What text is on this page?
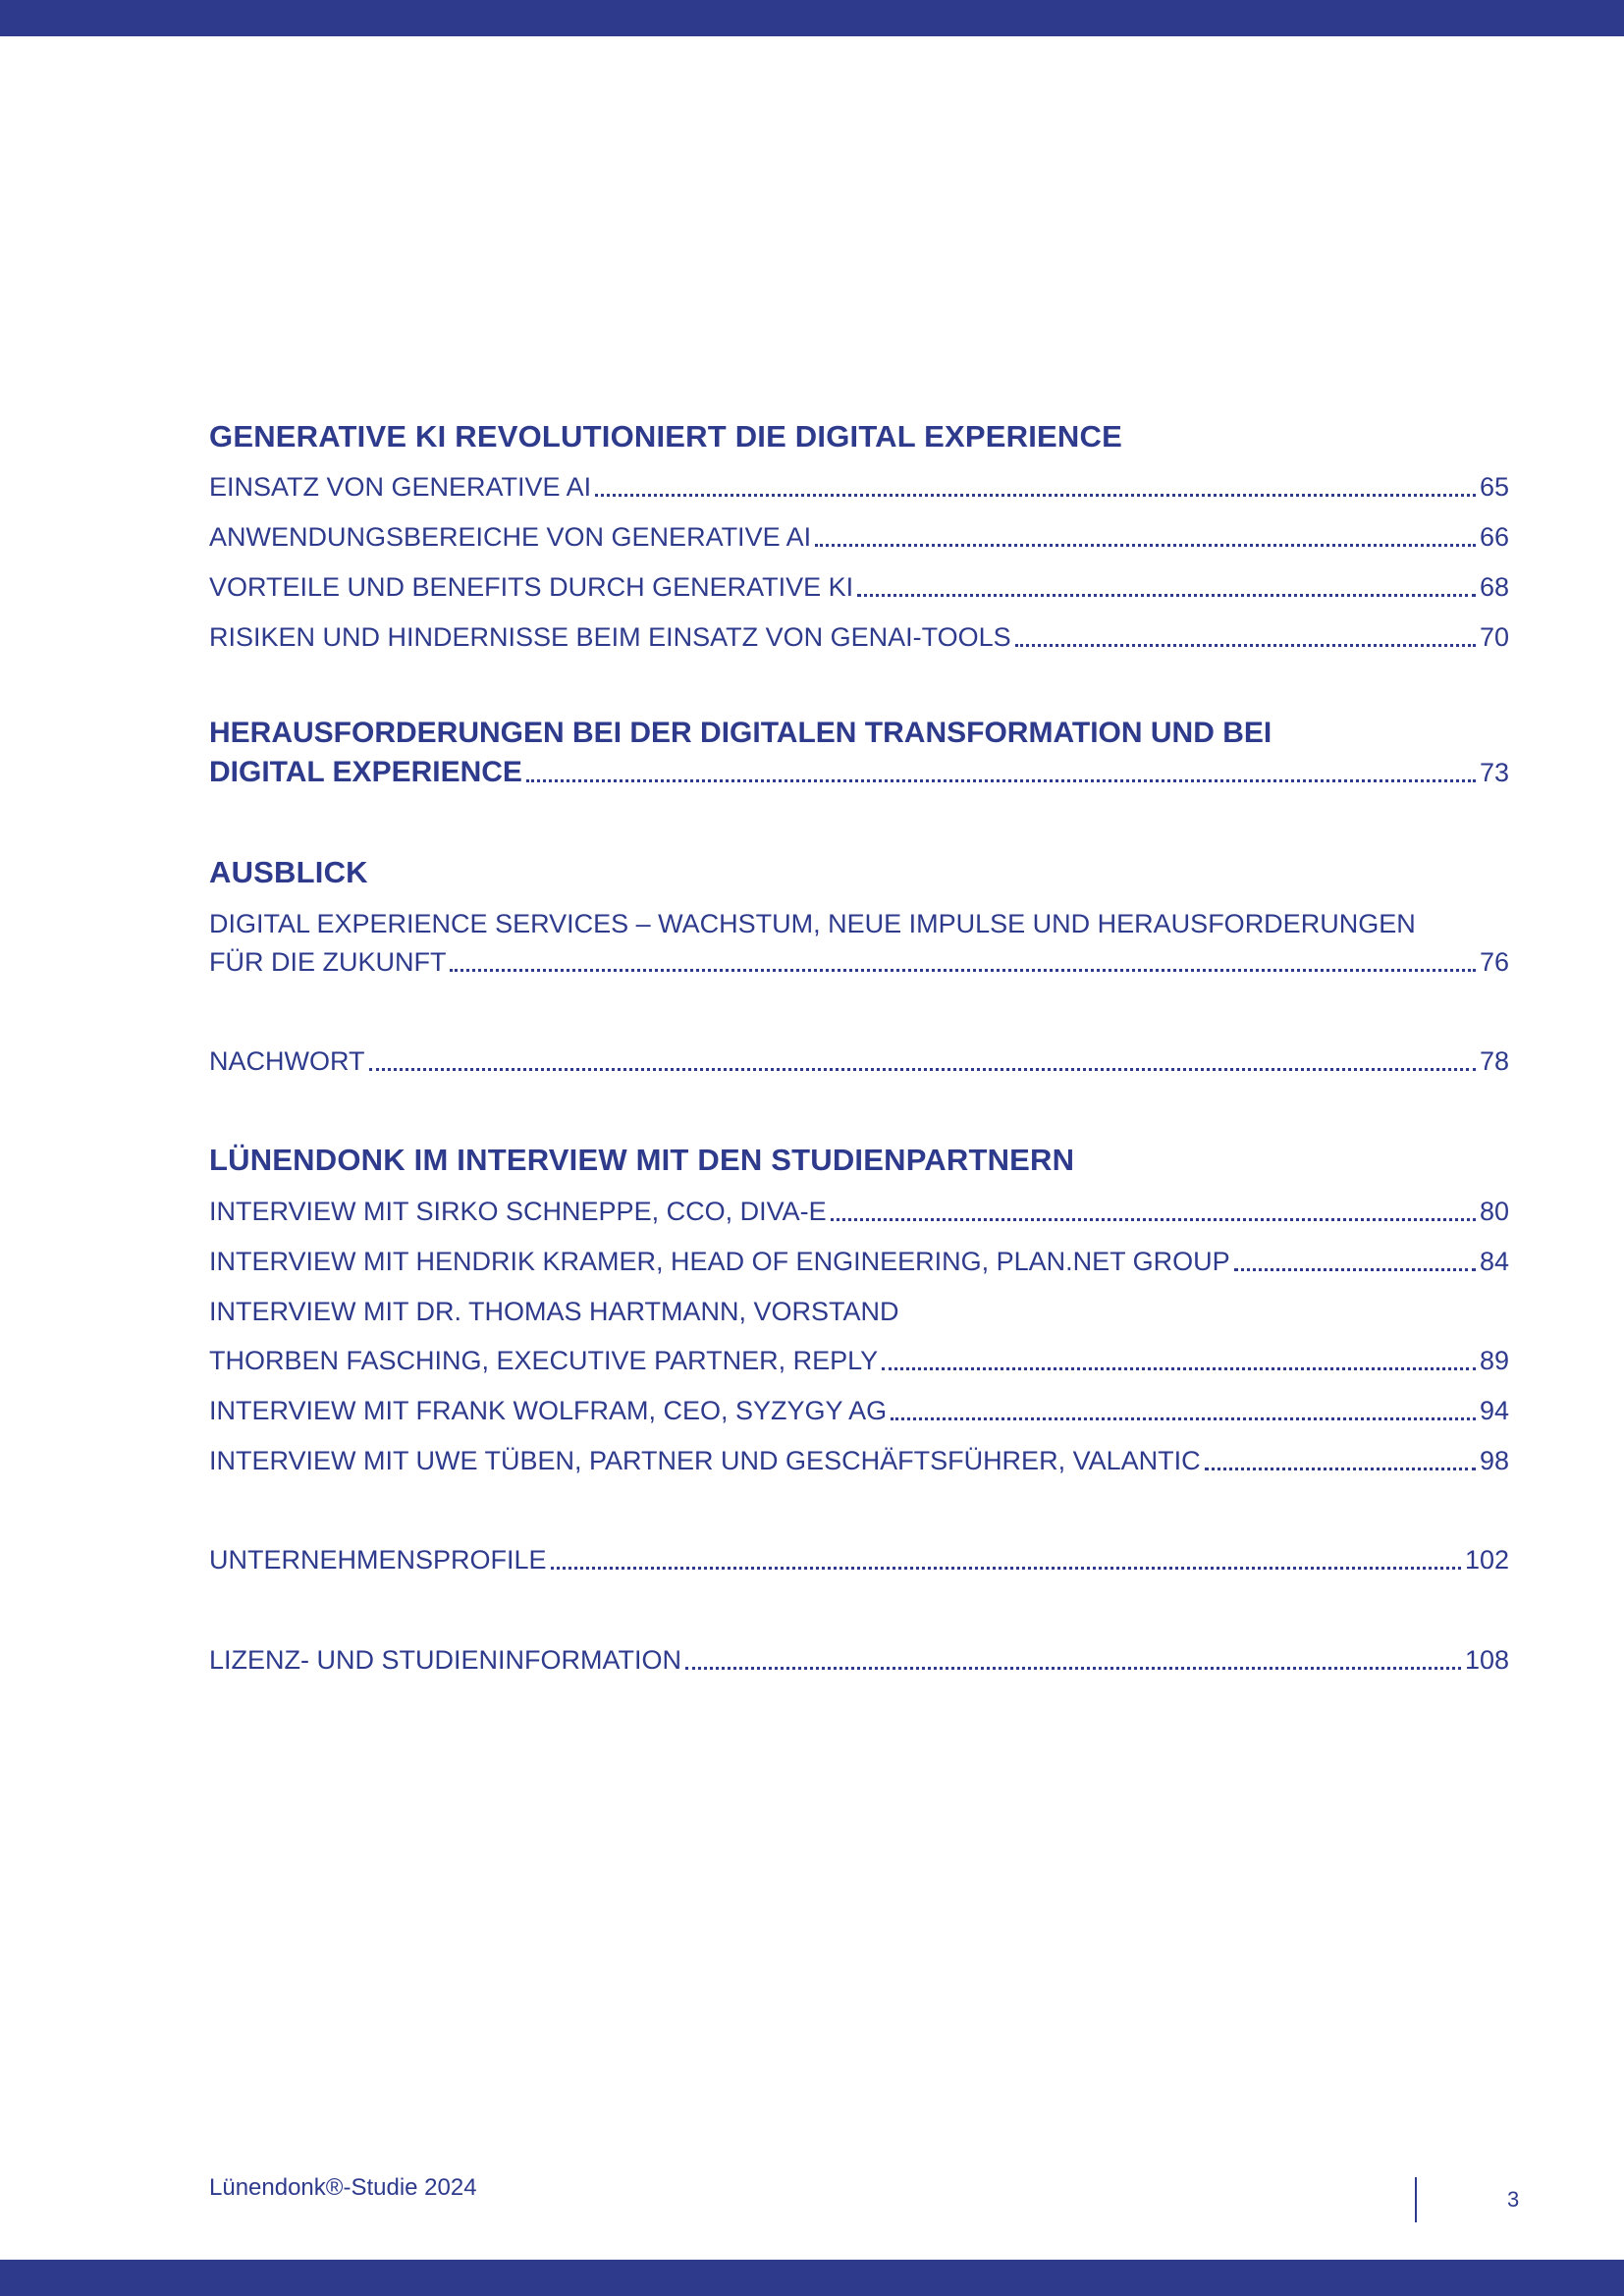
GENERATIVE KI REVOLUTIONIERT DIE DIGITAL EXPERIENCE
EINSATZ VON GENERATIVE AI	65
ANWENDUNGSBEREICHE VON GENERATIVE AI	66
VORTEILE UND BENEFITS DURCH GENERATIVE KI	68
RISIKEN UND HINDERNISSE BEIM EINSATZ VON GENAI-TOOLS	70
HERAUSFORDERUNGEN BEI DER DIGITALEN TRANSFORMATION UND BEI
DIGITAL EXPERIENCE	73
AUSBLICK
DIGITAL EXPERIENCE SERVICES – WACHSTUM, NEUE IMPULSE UND HERAUSFORDERUNGEN
FÜR DIE ZUKUNFT	76
NACHWORT	78
LÜNENDONK IM INTERVIEW MIT DEN STUDIENPARTNERN
INTERVIEW MIT SIRKO SCHNEPPE, CCO, DIVA-E	80
INTERVIEW MIT HENDRIK KRAMER, HEAD OF ENGINEERING, PLAN.NET GROUP	84
INTERVIEW MIT DR. THOMAS HARTMANN, VORSTAND
THORBEN FASCHING, EXECUTIVE PARTNER, REPLY	89
INTERVIEW MIT FRANK WOLFRAM, CEO, SYZYGY AG	94
INTERVIEW MIT UWE TÜBEN, PARTNER UND GESCHÄFTSFÜHRER, VALANTIC	98
UNTERNEHMENSPROFILE	102
LIZENZ- UND STUDIENINFORMATION	108
Lünendonk®-Studie 2024	3
